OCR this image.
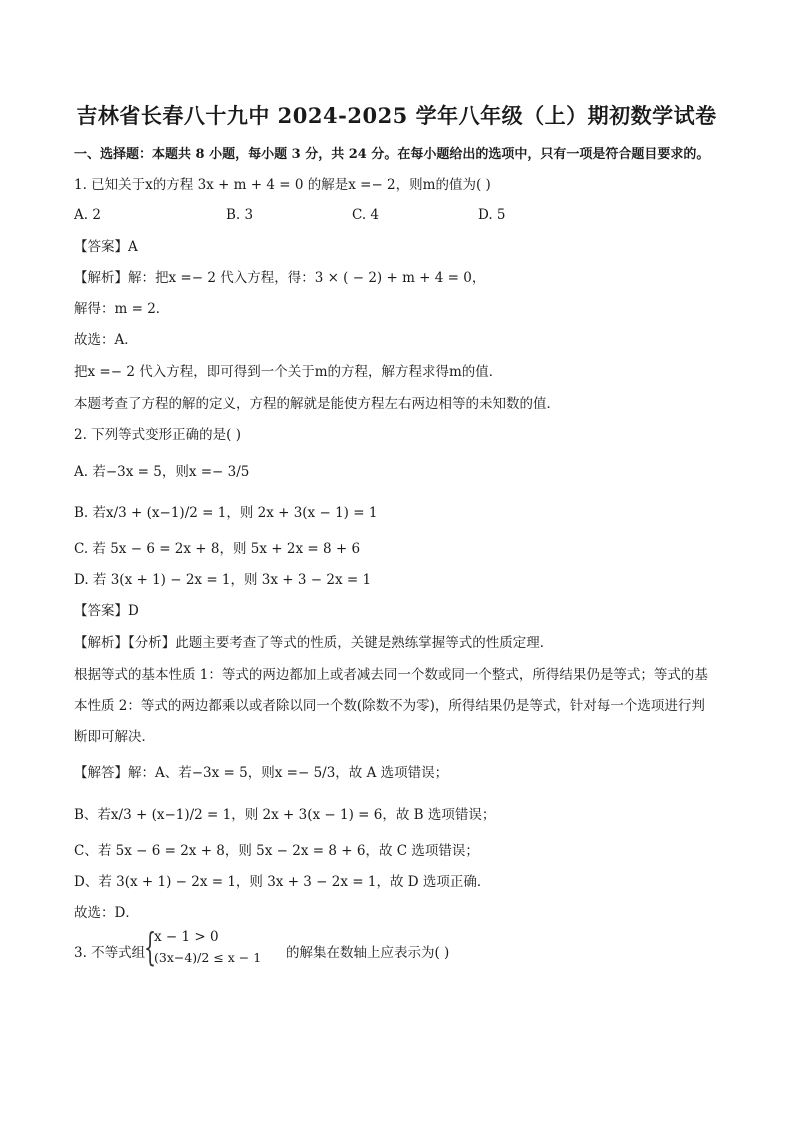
吉林省长春八十九中 2024-2025 学年八年级（上）期初数学试卷
一、选择题：本题共 8 小题，每小题 3 分，共 24 分。在每小题给出的选项中，只有一项是符合题目要求的。
1. 已知关于x的方程 3x + m + 4 = 0 的解是x =− 2，则m的值为( )
A. 2	B. 3	C. 4	D. 5
【答案】A
【解析】解：把x =− 2 代入方程，得：3 × ( − 2) + m + 4 = 0，
解得：m = 2．
故选：A．
把x =− 2 代入方程，即可得到一个关于m的方程，解方程求得m的值．
本题考查了方程的解的定义，方程的解就是能使方程左右两边相等的未知数的值．
2. 下列等式变形正确的是( )
A. 若−3x = 5，则x =− 3/5
B. 若x/3 + (x−1)/2 = 1，则 2x + 3(x − 1) = 1
C. 若 5x − 6 = 2x + 8，则 5x + 2x = 8 + 6
D. 若 3(x + 1) − 2x = 1，则 3x + 3 − 2x = 1
【答案】D
【解析】【分析】此题主要考查了等式的性质，关键是熟练掌握等式的性质定理．
根据等式的基本性质 1：等式的两边都加上或者减去同一个数或同一个整式，所得结果仍是等式；等式的基
本性质 2：等式的两边都乘以或者除以同一个数(除数不为零)，所得结果仍是等式，针对每一个选项进行判
断即可解决．
【解答】解：A、若−3x = 5，则x =− 5/3，故 A 选项错误；
B、若x/3 + (x−1)/2 = 1，则 2x + 3(x − 1) = 6，故 B 选项错误；
C、若 5x − 6 = 2x + 8，则 5x − 2x = 8 + 6，故 C 选项错误；
D、若 3(x + 1) − 2x = 1，则 3x + 3 − 2x = 1，故 D 选项正确．
故选：D．
3. 不等式组
{
x − 1 > 0
(3x−4)/2 ≤ x − 1 的解集在数轴上应表示为( )
